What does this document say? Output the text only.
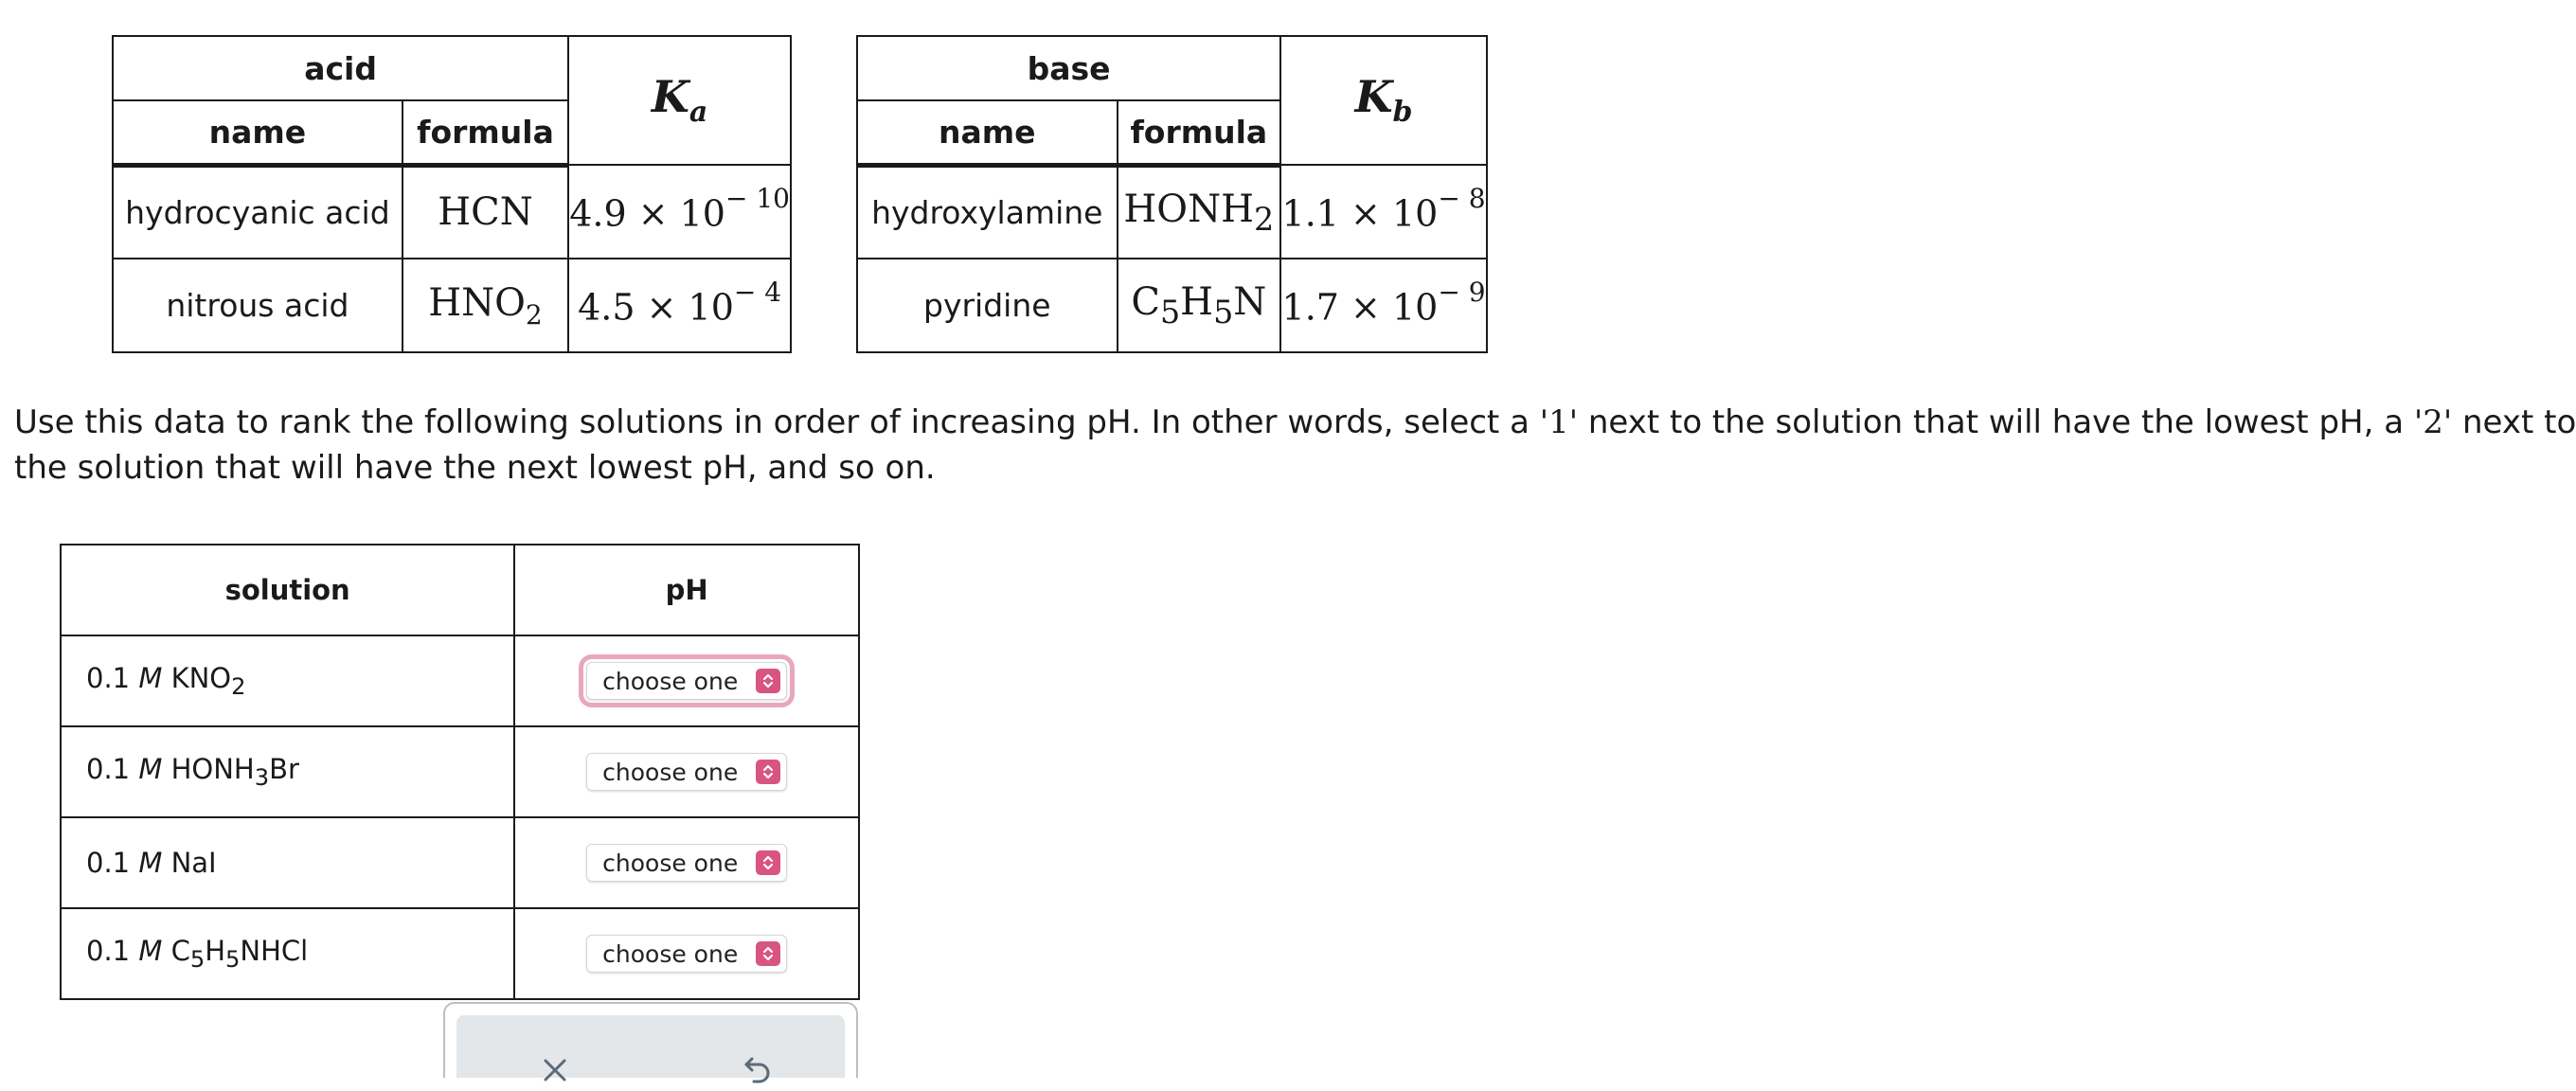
acid		$K_a$
name	formula	
hydrocyanic acid	HCN	$4.9 \times 10^{- 10}$
nitrous acid	$HNO_2$	$4.5 \times 10^{- 4}$
base		$K_b$
name	formula	
hydroxylamine	$HONH_2$	$1.1 \times 10^{- 8}$
pyridine	$C_5H_5N$	$1.7 \times 10^{- 9}$
Use this data to rank the following solutions in order of increasing pH. In other words, select a '1' next to the solution that will have the lowest pH, a '2' next to
the solution that will have the next lowest pH, and so on.
solution	pH
0.1 M $KNO_2$	choose one

0.1 M $HONH_3Br$	choose one

0.1 M NaI	choose one

0.1 M $C_5H_5NHCl$	choose one
